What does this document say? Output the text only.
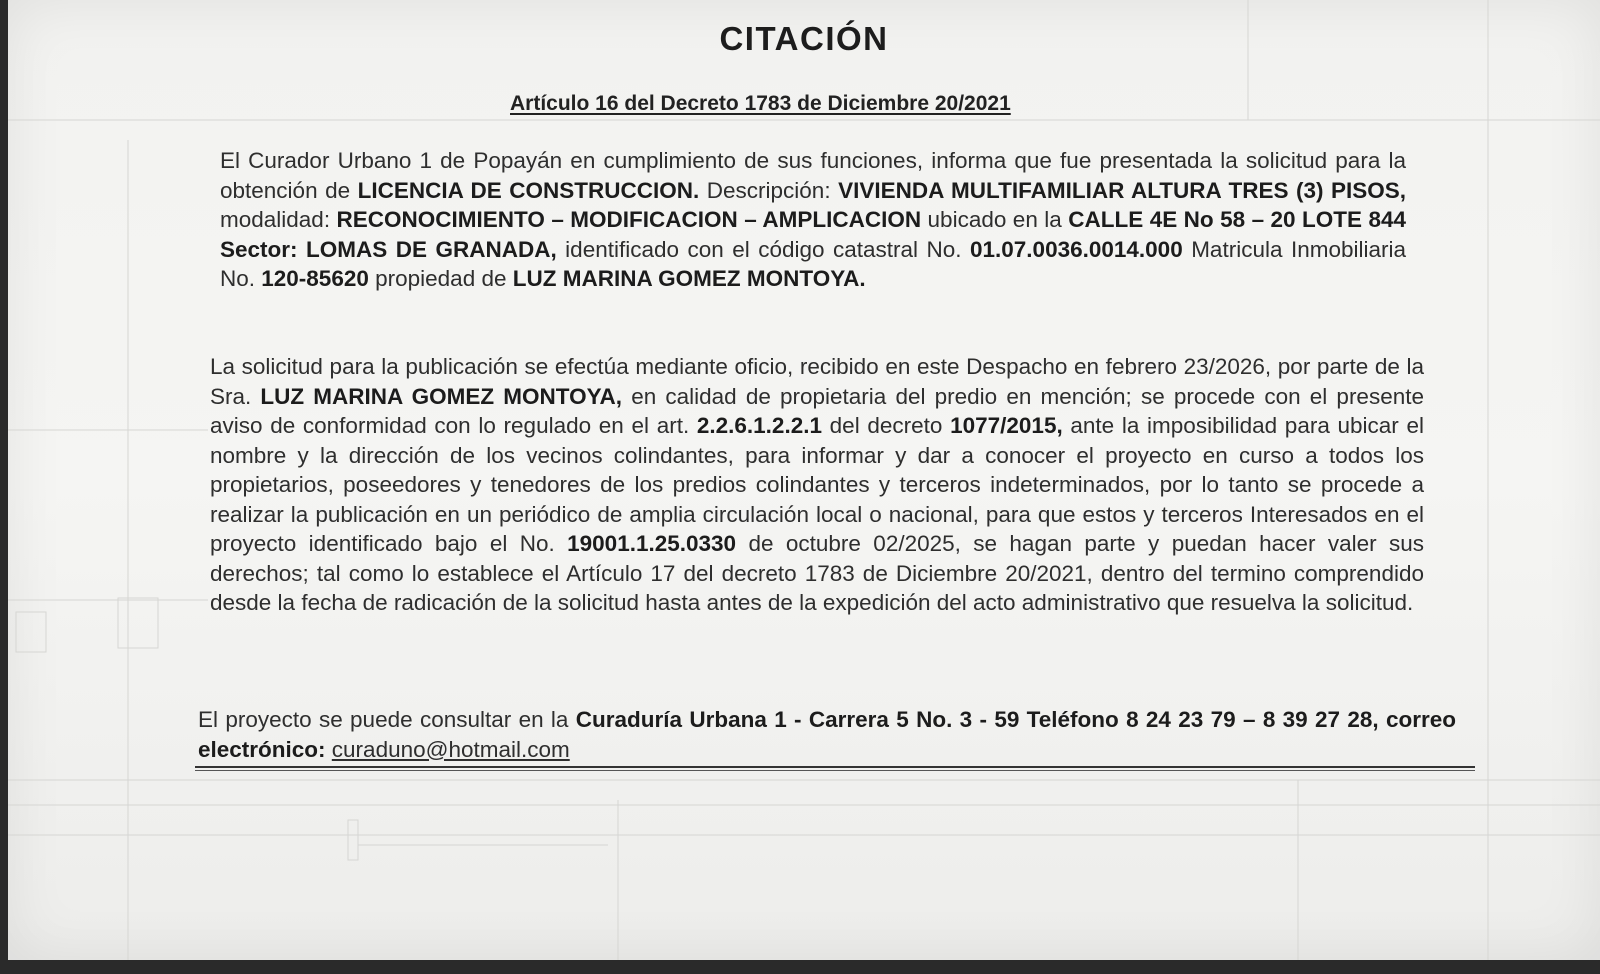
CITACIÓN
Artículo 16 del Decreto 1783 de Diciembre 20/2021
El Curador Urbano 1 de Popayán en cumplimiento de sus funciones, informa que fue presentada la solicitud para la obtención de LICENCIA DE CONSTRUCCION. Descripción: VIVIENDA MULTIFAMILIAR ALTURA TRES (3) PISOS, modalidad: RECONOCIMIENTO – MODIFICACION – AMPLICACION ubicado en la CALLE 4E No 58 – 20 LOTE 844 Sector: LOMAS DE GRANADA, identificado con el código catastral No. 01.07.0036.0014.000 Matricula Inmobiliaria No. 120-85620 propiedad de LUZ MARINA GOMEZ MONTOYA.
La solicitud para la publicación se efectúa mediante oficio, recibido en este Despacho en febrero 23/2026, por parte de la Sra. LUZ MARINA GOMEZ MONTOYA, en calidad de propietaria del predio en mención; se procede con el presente aviso de conformidad con lo regulado en el art. 2.2.6.1.2.2.1 del decreto 1077/2015, ante la imposibilidad para ubicar el nombre y la dirección de los vecinos colindantes, para informar y dar a conocer el proyecto en curso a todos los propietarios, poseedores y tenedores de los predios colindantes y terceros indeterminados, por lo tanto se procede a realizar la publicación en un periódico de amplia circulación local o nacional, para que estos y terceros Interesados en el proyecto identificado bajo el No. 19001.1.25.0330 de octubre 02/2025, se hagan parte y puedan hacer valer sus derechos; tal como lo establece el Artículo 17 del decreto 1783 de Diciembre 20/2021, dentro del termino comprendido desde la fecha de radicación de la solicitud hasta antes de la expedición del acto administrativo que resuelva la solicitud.
El proyecto se puede consultar en la Curaduría Urbana 1 - Carrera 5 No. 3 - 59 Teléfono 8 24 23 79 – 8 39 27 28, correo electrónico: curaduno@hotmail.com
